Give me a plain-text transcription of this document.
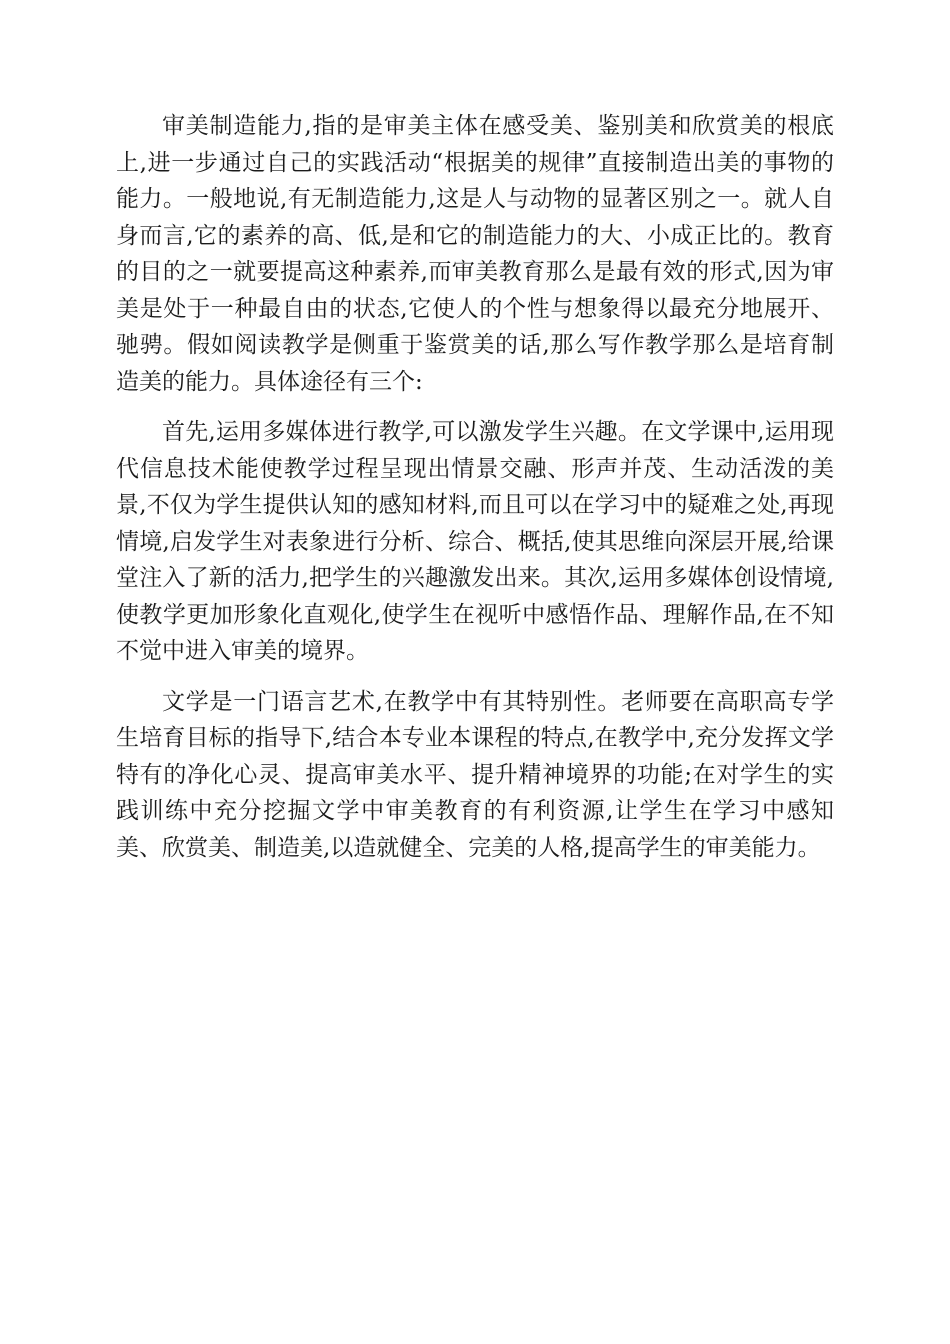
审美制造能力,指的是审美主体在感受美、鉴别美和欣赏美的根底上,进一步通过自己的实践活动“根据美的规律”直接制造出美的事物的能力。一般地说,有无制造能力,这是人与动物的显著区别之一。就人自身而言,它的素养的高、低,是和它的制造能力的大、小成正比的。教育的目的之一就要提高这种素养,而审美教育那么是最有效的形式,因为审美是处于一种最自由的状态,它使人的个性与想象得以最充分地展开、驰骋。假如阅读教学是侧重于鉴赏美的话,那么写作教学那么是培育制造美的能力。具体途径有三个:

首先,运用多媒体进行教学,可以激发学生兴趣。在文学课中,运用现代信息技术能使教学过程呈现出情景交融、形声并茂、生动活泼的美景,不仅为学生提供认知的感知材料,而且可以在学习中的疑难之处,再现情境,启发学生对表象进行分析、综合、概括,使其思维向深层开展,给课堂注入了新的活力,把学生的兴趣激发出来。其次,运用多媒体创设情境,使教学更加形象化直观化,使学生在视听中感悟作品、理解作品,在不知不觉中进入审美的境界。

文学是一门语言艺术,在教学中有其特别性。老师要在高职高专学生培育目标的指导下,结合本专业本课程的特点,在教学中,充分发挥文学特有的净化心灵、提高审美水平、提升精神境界的功能;在对学生的实践训练中充分挖掘文学中审美教育的有利资源,让学生在学习中感知美、欣赏美、制造美,以造就健全、完美的人格,提高学生的审美能力。
